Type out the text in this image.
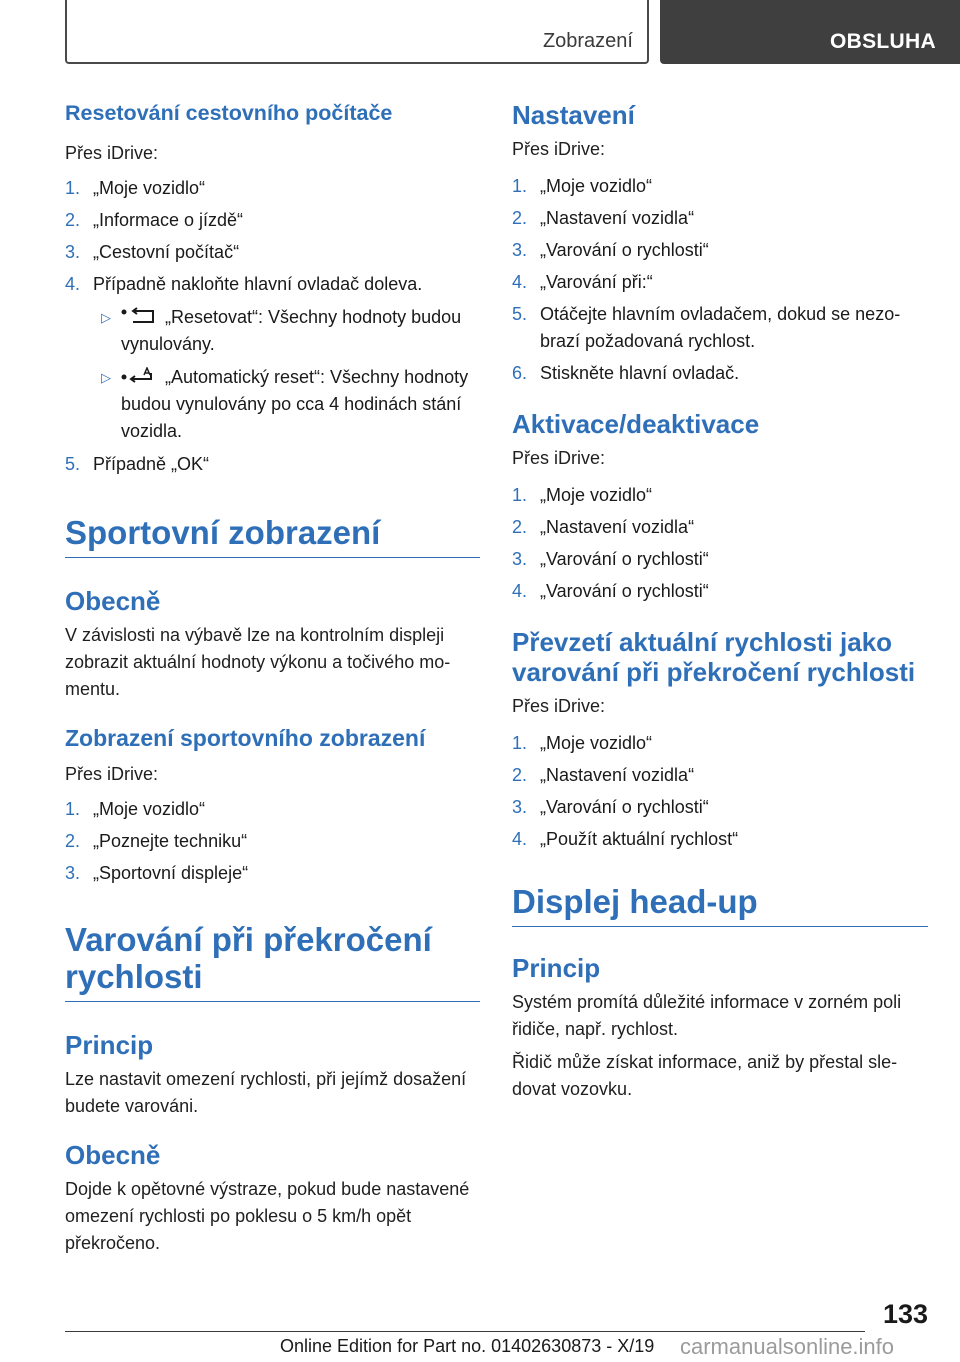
Zobrazení	OBSLUHA
Resetování cestovního počítače
Přes iDrive:
1. „Moje vozidlo“
2. „Informace o jízdě“
3. „Cestovní počítač“
4. Případně nakloňte hlavní ovladač doleva.
▷	„Resetovat“: Všechny hodnoty budou vynulovány.
▷	„Automatický reset“: Všechny hodnoty budou vynulovány po cca 4 hodinách stání vozidla.
5. Případně „OK“
Sportovní zobrazení
Obecně
V závislosti na výbavě lze na kontrolním displeji zobrazit aktuální hodnoty výkonu a točivého momentu.
Zobrazení sportovního zobrazení
Přes iDrive:
1. „Moje vozidlo“
2. „Poznejte techniku“
3. „Sportovní displeje“
Varování při překročení rychlosti
Princip
Lze nastavit omezení rychlosti, při jejímž dosažení budete varováni.
Obecně
Dojde k opětovné výstraze, pokud bude nastavené omezení rychlosti po poklesu o 5 km/h opět překročeno.
Nastavení
Přes iDrive:
1. „Moje vozidlo“
2. „Nastavení vozidla“
3. „Varování o rychlosti“
4. „Varování při:“
5. Otáčejte hlavním ovladačem, dokud se nezobrazí požadovaná rychlost.
6. Stiskněte hlavní ovladač.
Aktivace/deaktivace
Přes iDrive:
1. „Moje vozidlo“
2. „Nastavení vozidla“
3. „Varování o rychlosti“
4. „Varování o rychlosti“
Převzetí aktuální rychlosti jako varování při překročení rychlosti
Přes iDrive:
1. „Moje vozidlo“
2. „Nastavení vozidla“
3. „Varování o rychlosti“
4. „Použít aktuální rychlost“
Displej head-up
Princip
Systém promítá důležité informace v zorném poli řidiče, např. rychlost.
Řidič může získat informace, aniž by přestal sledovat vozovku.
133
Online Edition for Part no. 01402630873 - X/19 carmanualsonline.info
